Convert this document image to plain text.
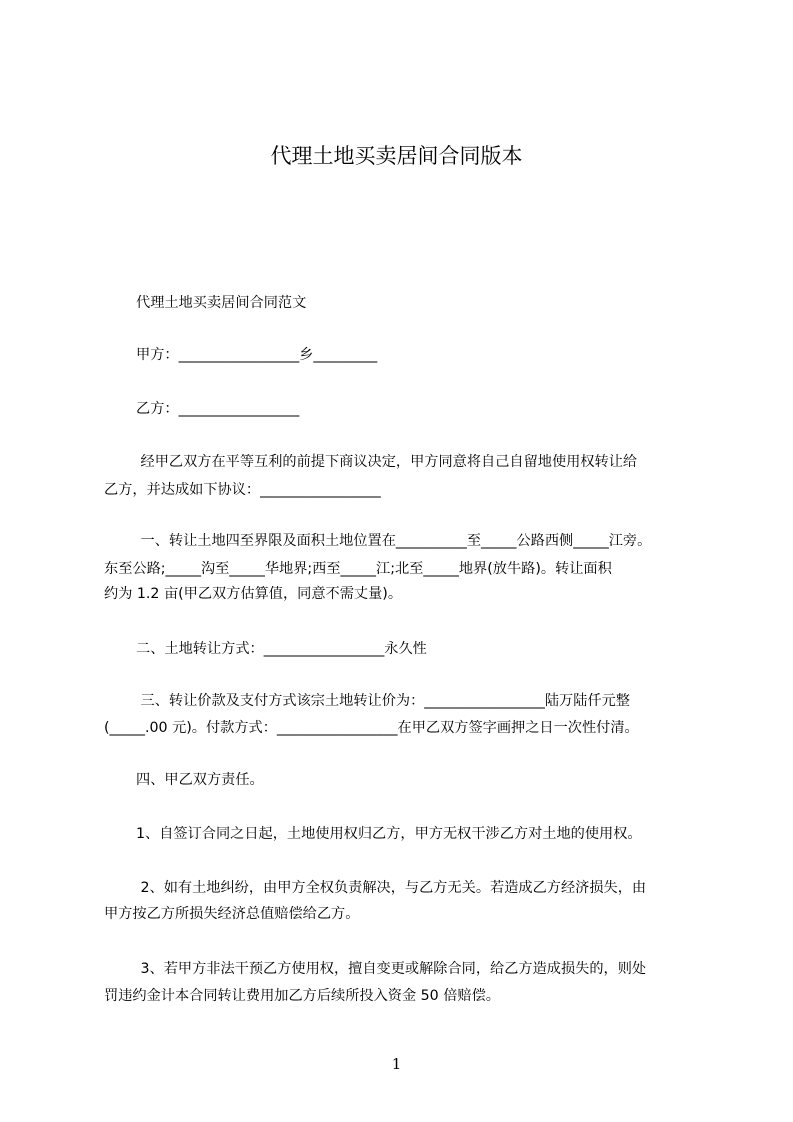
代理土地买卖居间合同版本

代理土地买卖居间合同范文

甲方：_________________乡_________

乙方：_________________

经甲乙双方在平等互利的前提下商议决定，甲方同意将自己自留地使用权转让给

乙方，并达成如下协议：_________________

一、转让土地四至界限及面积土地位置在__________至_____公路西侧_____江旁。

东至公路;_____沟至_____华地界;西至_____江;北至_____地界(放牛路)。转让面积

约为 1.2 亩(甲乙双方估算值，同意不需丈量)。

二、土地转让方式：_________________永久性

三、转让价款及支付方式该宗土地转让价为：_________________陆万陆仟元整

(_____.00 元)。付款方式：_________________在甲乙双方签字画押之日一次性付清。

四、甲乙双方责任。

1、自签订合同之日起，土地使用权归乙方，甲方无权干涉乙方对土地的使用权。

2、如有土地纠纷，由甲方全权负责解决，与乙方无关。若造成乙方经济损失，由

甲方按乙方所损失经济总值赔偿给乙方。

3、若甲方非法干预乙方使用权，擅自变更或解除合同，给乙方造成损失的，则处

罚违约金计本合同转让费用加乙方后续所投入资金 50 倍赔偿。

1
